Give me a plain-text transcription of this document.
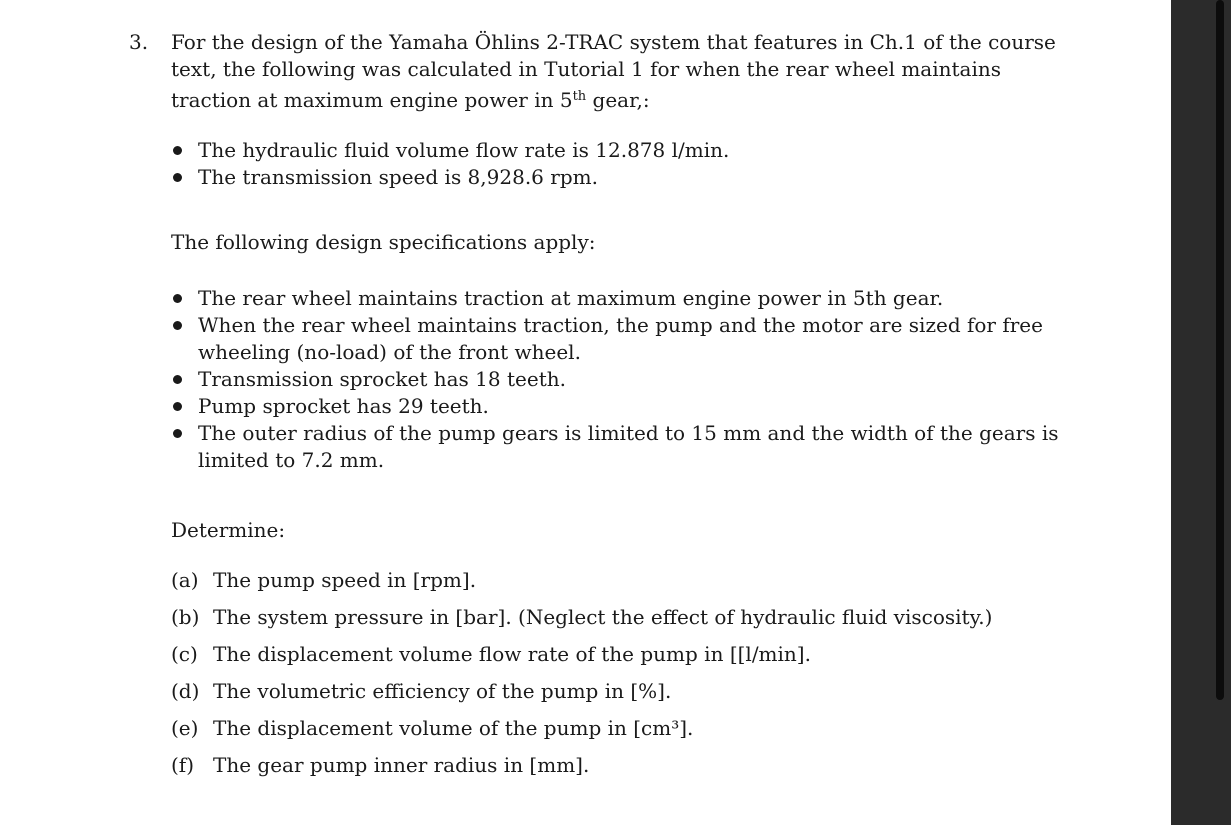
3. For the design of the Yamaha Öhlins 2-TRAC system that features in Ch.1 of the course
text, the following was calculated in Tutorial 1 for when the rear wheel maintains
traction at maximum engine power in 5th gear,:
The hydraulic fluid volume flow rate is 12.878 l/min.
The transmission speed is 8,928.6 rpm.
The following design specifications apply:
The rear wheel maintains traction at maximum engine power in 5th gear.
When the rear wheel maintains traction, the pump and the motor are sized for free
wheeling (no-load) of the front wheel.
Transmission sprocket has 18 teeth.
Pump sprocket has 29 teeth.
The outer radius of the pump gears is limited to 15 mm and the width of the gears is
limited to 7.2 mm.
Determine:
(a) The pump speed in [rpm].
(b) The system pressure in [bar]. (Neglect the effect of hydraulic fluid viscosity.)
(c) The displacement volume flow rate of the pump in [[l/min].
(d) The volumetric efficiency of the pump in [%].
(e) The displacement volume of the pump in [cm³].
(f) The gear pump inner radius in [mm].
